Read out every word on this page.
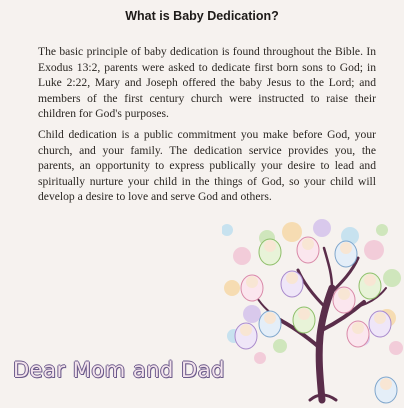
What is Baby Dedication?

The basic principle of baby dedication is found throughout the Bible. In Exodus 13:2, parents were asked to dedicate first born sons to God; in Luke 2:22, Mary and Joseph offered the baby Jesus to the Lord; and members of the first century church were instructed to raise their children for God's purposes.

Child dedication is a public commitment you make before God, your church, and your family. The dedication service provides you, the parents, an opportunity to express publically your desire to lead and spiritually nurture your child in the things of God, so your child will develop a desire to love and serve God and others.

Dear Mom and Dad
